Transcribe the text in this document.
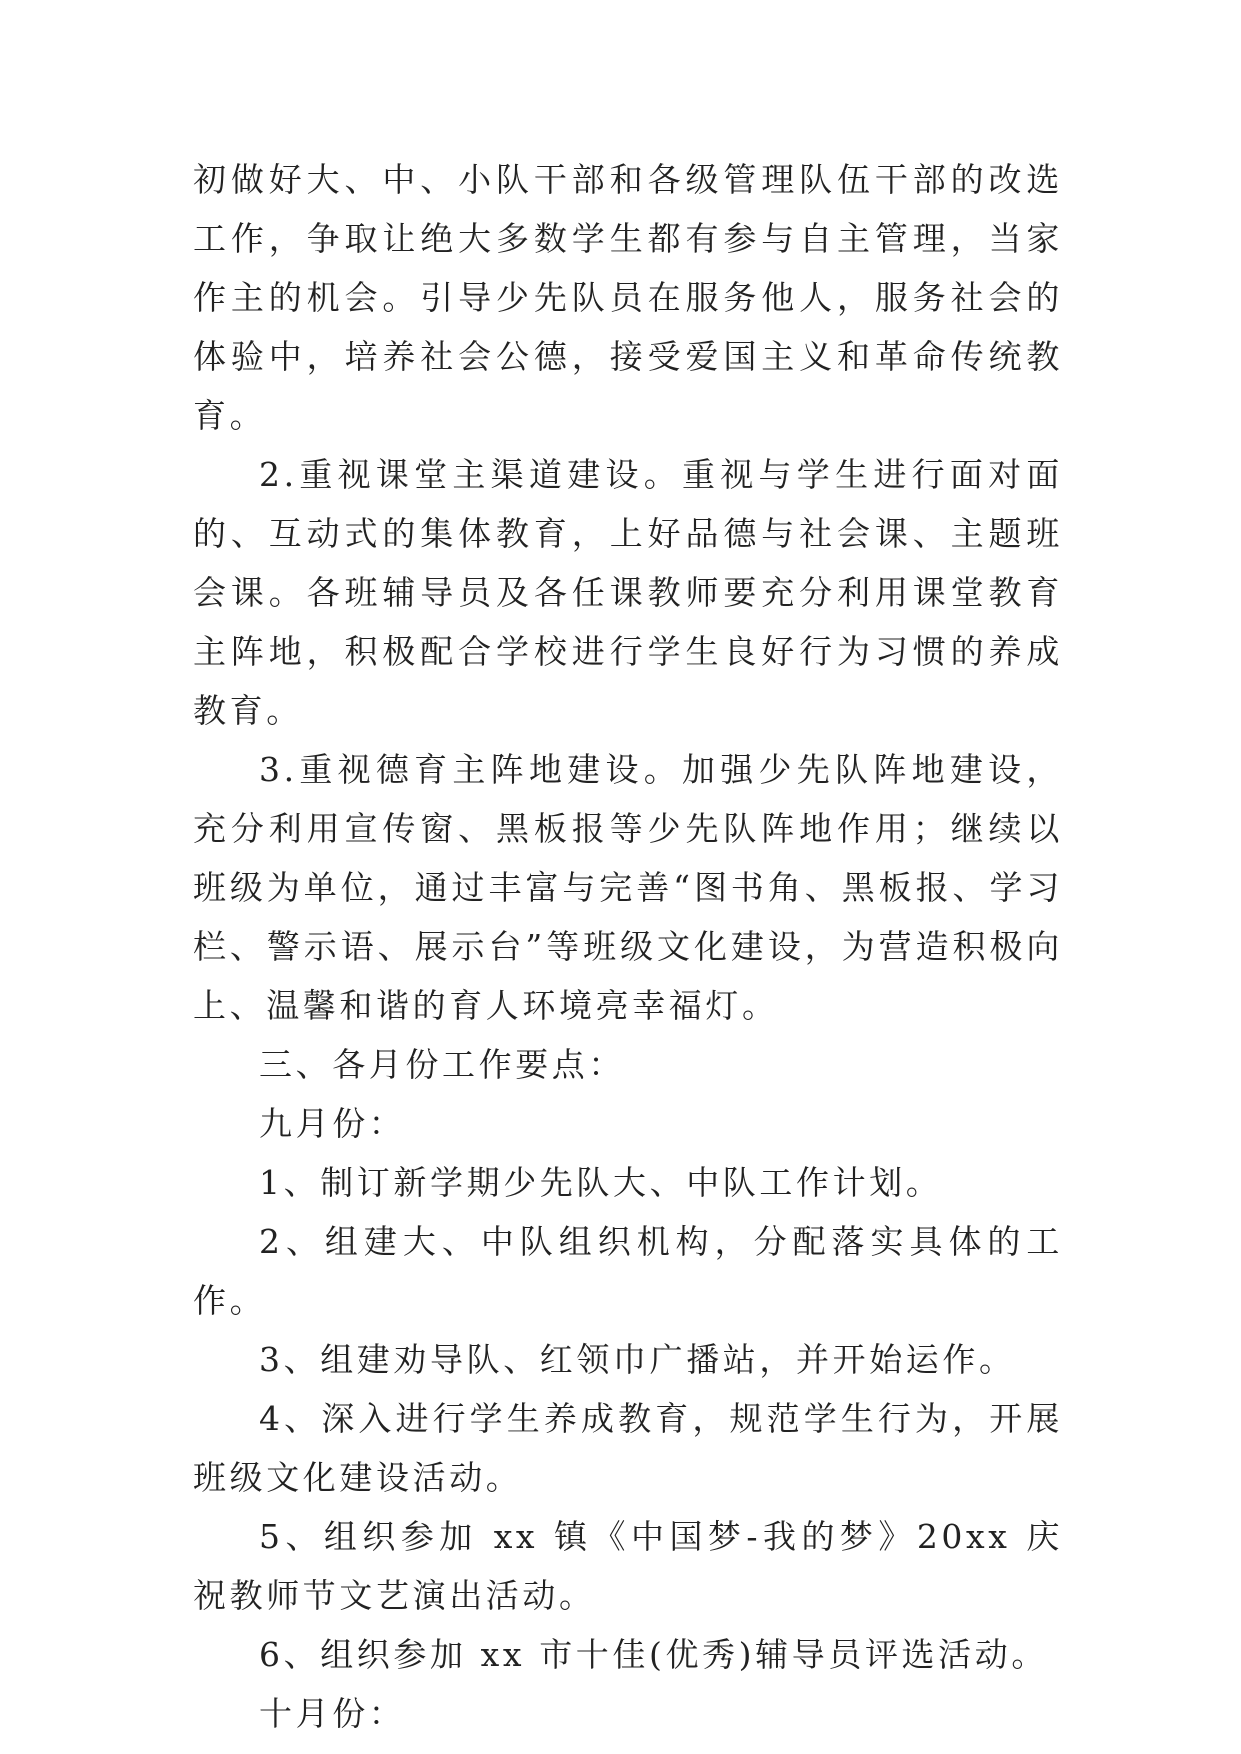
初做好大、中、小队干部和各级管理队伍干部的改选工作，争取让绝大多数学生都有参与自主管理，当家作主的机会。引导少先队员在服务他人，服务社会的体验中，培养社会公德，接受爱国主义和革命传统教育。

2.重视课堂主渠道建设。重视与学生进行面对面的、互动式的集体教育，上好品德与社会课、主题班会课。各班辅导员及各任课教师要充分利用课堂教育主阵地，积极配合学校进行学生良好行为习惯的养成教育。

3.重视德育主阵地建设。加强少先队阵地建设，充分利用宣传窗、黑板报等少先队阵地作用；继续以班级为单位，通过丰富与完善“图书角、黑板报、学习栏、警示语、展示台”等班级文化建设，为营造积极向上、温馨和谐的育人环境亮幸福灯。

三、各月份工作要点：

九月份：

1、制订新学期少先队大、中队工作计划。

2、组建大、中队组织机构，分配落实具体的工作。

3、组建劝导队、红领巾广播站，并开始运作。

4、深入进行学生养成教育，规范学生行为，开展班级文化建设活动。

5、组织参加 xx 镇《中国梦-我的梦》20xx 庆祝教师节文艺演出活动。

6、组织参加 xx 市十佳(优秀)辅导员评选活动。

十月份：
